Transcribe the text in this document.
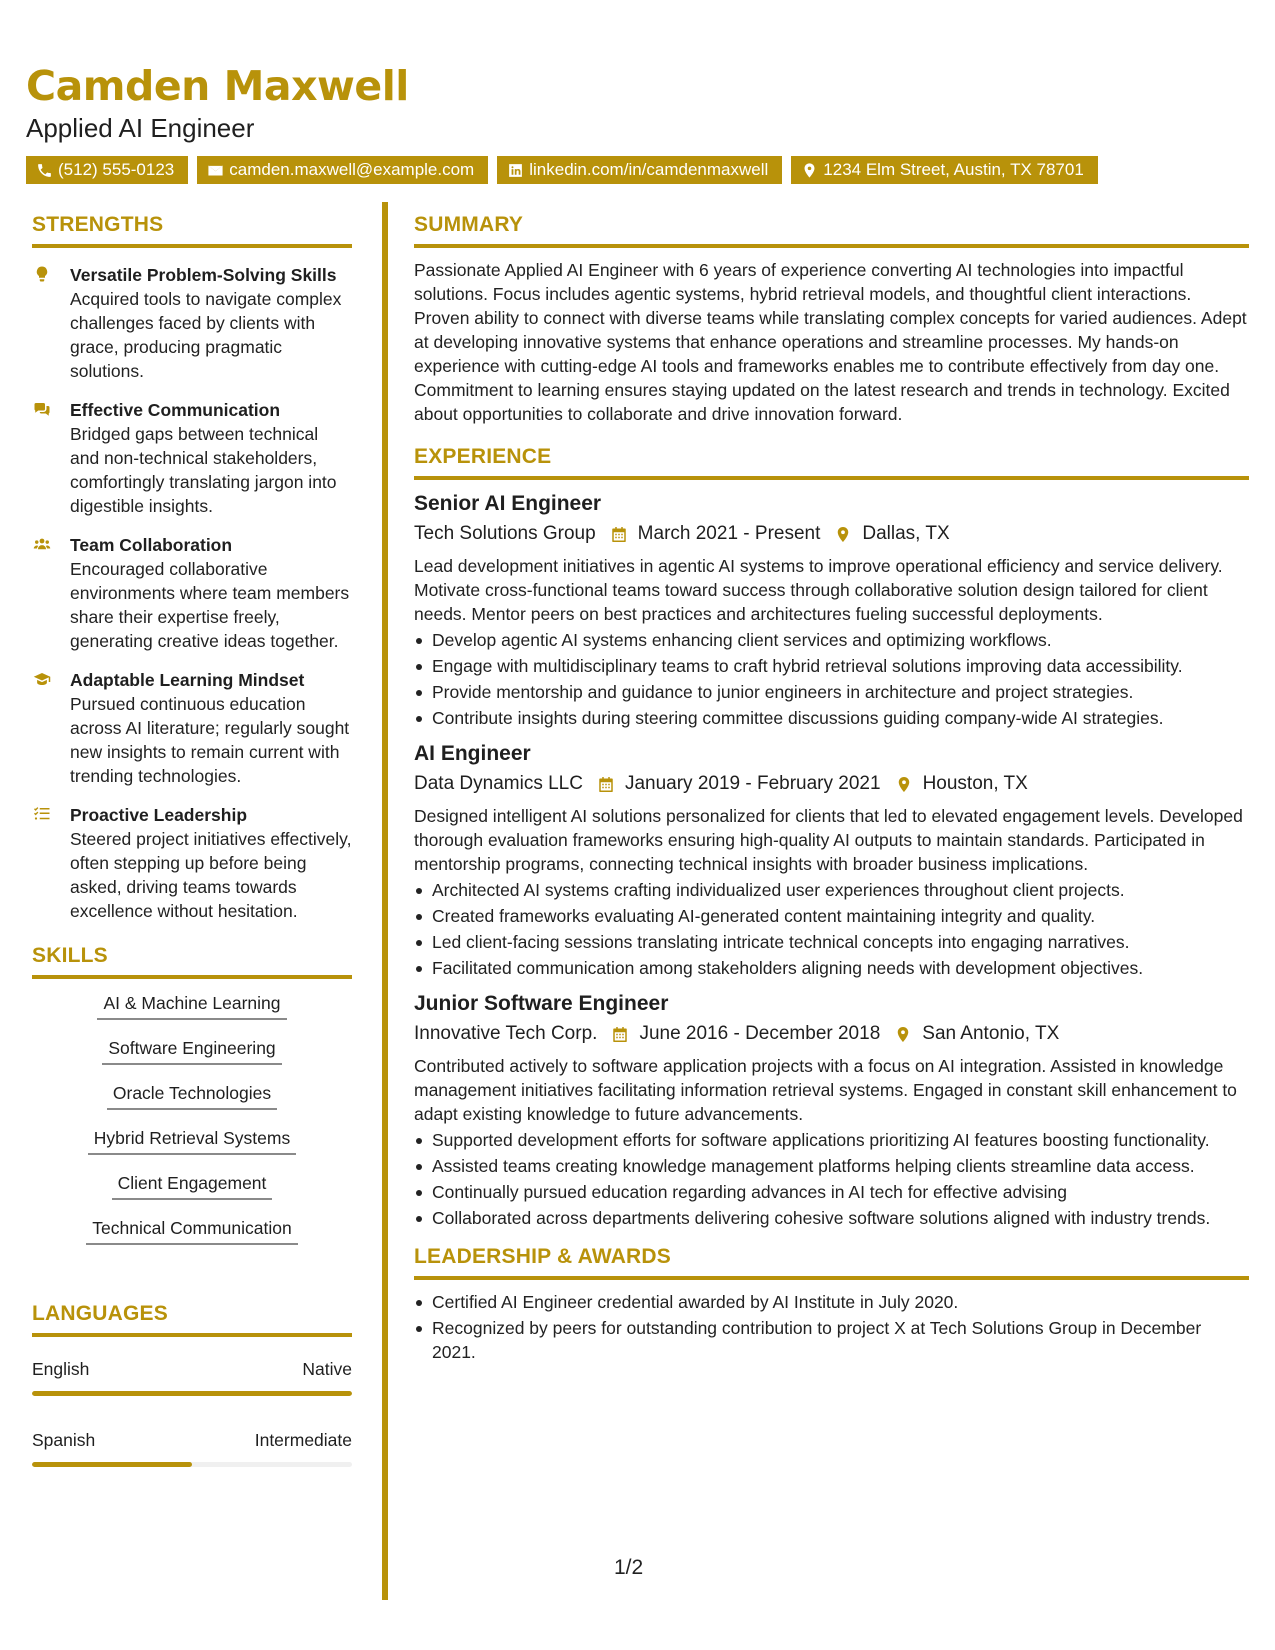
Camden Maxwell
Applied AI Engineer
(512) 555-0123	camden.maxwell@example.com	linkedin.com/in/camdenmaxwell	1234 Elm Street, Austin, TX 78701
STRENGTHS
Versatile Problem-Solving Skills
Acquired tools to navigate complex challenges faced by clients with grace, producing pragmatic solutions.
Effective Communication
Bridged gaps between technical and non-technical stakeholders, comfortingly translating jargon into digestible insights.
Team Collaboration
Encouraged collaborative environments where team members share their expertise freely, generating creative ideas together.
Adaptable Learning Mindset
Pursued continuous education across AI literature; regularly sought new insights to remain current with trending technologies.
Proactive Leadership
Steered project initiatives effectively, often stepping up before being asked, driving teams towards excellence without hesitation.
SKILLS
AI & Machine Learning
Software Engineering
Oracle Technologies
Hybrid Retrieval Systems
Client Engagement
Technical Communication
LANGUAGES
English	Native
Spanish	Intermediate
SUMMARY
Passionate Applied AI Engineer with 6 years of experience converting AI technologies into impactful solutions. Focus includes agentic systems, hybrid retrieval models, and thoughtful client interactions. Proven ability to connect with diverse teams while translating complex concepts for varied audiences. Adept at developing innovative systems that enhance operations and streamline processes. My hands-on experience with cutting-edge AI tools and frameworks enables me to contribute effectively from day one. Commitment to learning ensures staying updated on the latest research and trends in technology. Excited about opportunities to collaborate and drive innovation forward.
EXPERIENCE
Senior AI Engineer
Tech Solutions Group March 2021 - Present Dallas, TX
Lead development initiatives in agentic AI systems to improve operational efficiency and service delivery. Motivate cross-functional teams toward success through collaborative solution design tailored for client needs. Mentor peers on best practices and architectures fueling successful deployments.
Develop agentic AI systems enhancing client services and optimizing workflows.
Engage with multidisciplinary teams to craft hybrid retrieval solutions improving data accessibility.
Provide mentorship and guidance to junior engineers in architecture and project strategies.
Contribute insights during steering committee discussions guiding company-wide AI strategies.
AI Engineer
Data Dynamics LLC January 2019 - February 2021 Houston, TX
Designed intelligent AI solutions personalized for clients that led to elevated engagement levels. Developed thorough evaluation frameworks ensuring high-quality AI outputs to maintain standards. Participated in mentorship programs, connecting technical insights with broader business implications.
Architected AI systems crafting individualized user experiences throughout client projects.
Created frameworks evaluating AI-generated content maintaining integrity and quality.
Led client-facing sessions translating intricate technical concepts into engaging narratives.
Facilitated communication among stakeholders aligning needs with development objectives.
Junior Software Engineer
Innovative Tech Corp. June 2016 - December 2018 San Antonio, TX
Contributed actively to software application projects with a focus on AI integration. Assisted in knowledge management initiatives facilitating information retrieval systems. Engaged in constant skill enhancement to adapt existing knowledge to future advancements.
Supported development efforts for software applications prioritizing AI features boosting functionality.
Assisted teams creating knowledge management platforms helping clients streamline data access.
Continually pursued education regarding advances in AI tech for effective advising
Collaborated across departments delivering cohesive software solutions aligned with industry trends.
LEADERSHIP & AWARDS
Certified AI Engineer credential awarded by AI Institute in July 2020.
Recognized by peers for outstanding contribution to project X at Tech Solutions Group in December 2021.
1/2
